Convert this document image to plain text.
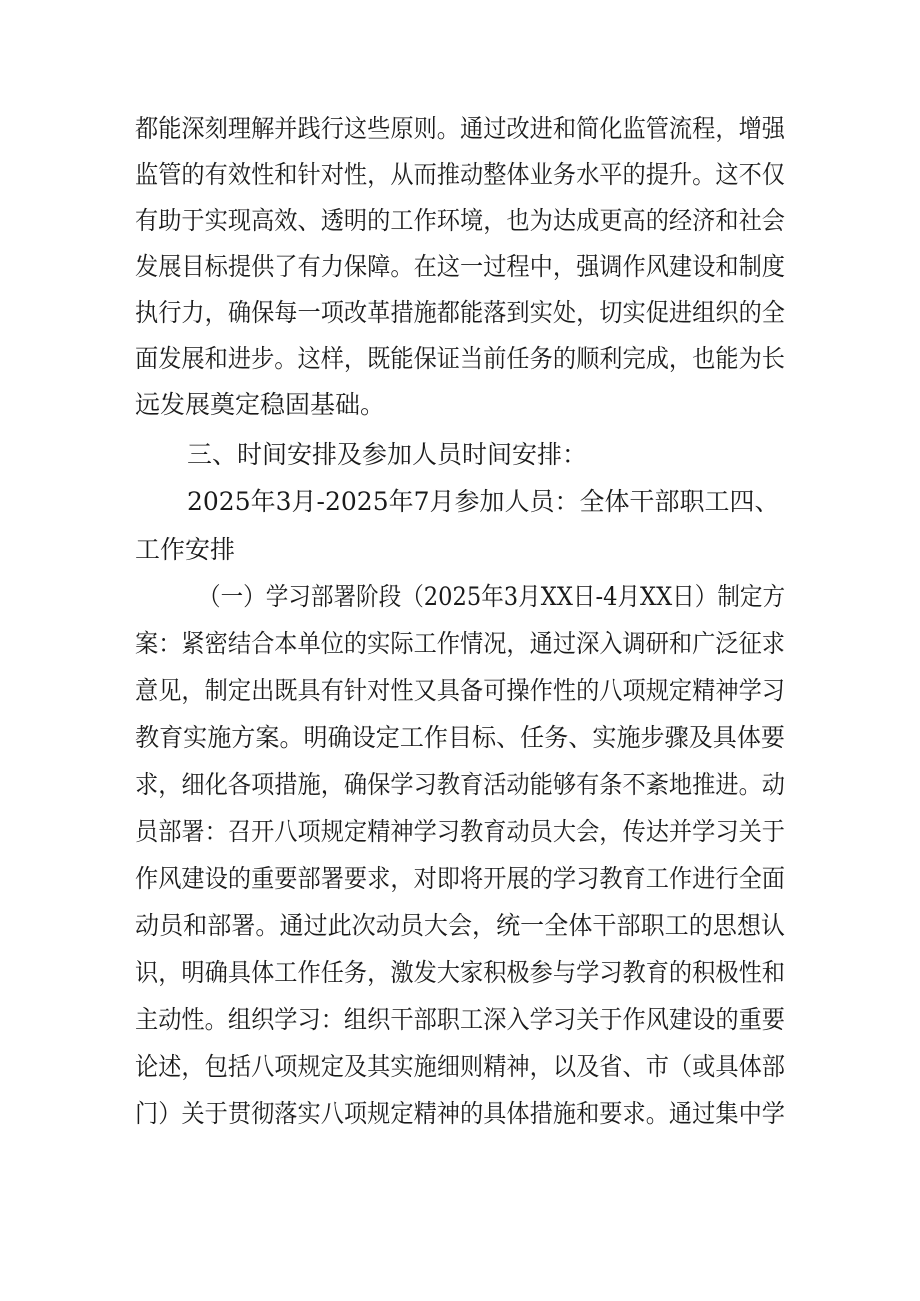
都能深刻理解并践行这些原则。通过改进和简化监管流程，增强
监管的有效性和针对性，从而推动整体业务水平的提升。这不仅
有助于实现高效、透明的工作环境，也为达成更高的经济和社会
发展目标提供了有力保障。在这一过程中，强调作风建设和制度
执行力，确保每一项改革措施都能落到实处，切实促进组织的全
面发展和进步。这样，既能保证当前任务的顺利完成，也能为长
远发展奠定稳固基础。
三、时间安排及参加人员时间安排：
2025年3月-2025年7月参加人员：全体干部职工四、
工作安排
（一）学习部署阶段（2025年3月XX日-4月XX日）制定方
案：紧密结合本单位的实际工作情况，通过深入调研和广泛征求
意见，制定出既具有针对性又具备可操作性的八项规定精神学习
教育实施方案。明确设定工作目标、任务、实施步骤及具体要
求，细化各项措施，确保学习教育活动能够有条不紊地推进。动
员部署：召开八项规定精神学习教育动员大会，传达并学习关于
作风建设的重要部署要求，对即将开展的学习教育工作进行全面
动员和部署。通过此次动员大会，统一全体干部职工的思想认
识，明确具体工作任务，激发大家积极参与学习教育的积极性和
主动性。组织学习：组织干部职工深入学习关于作风建设的重要
论述，包括八项规定及其实施细则精神，以及省、市（或具体部
门）关于贯彻落实八项规定精神的具体措施和要求。通过集中学
